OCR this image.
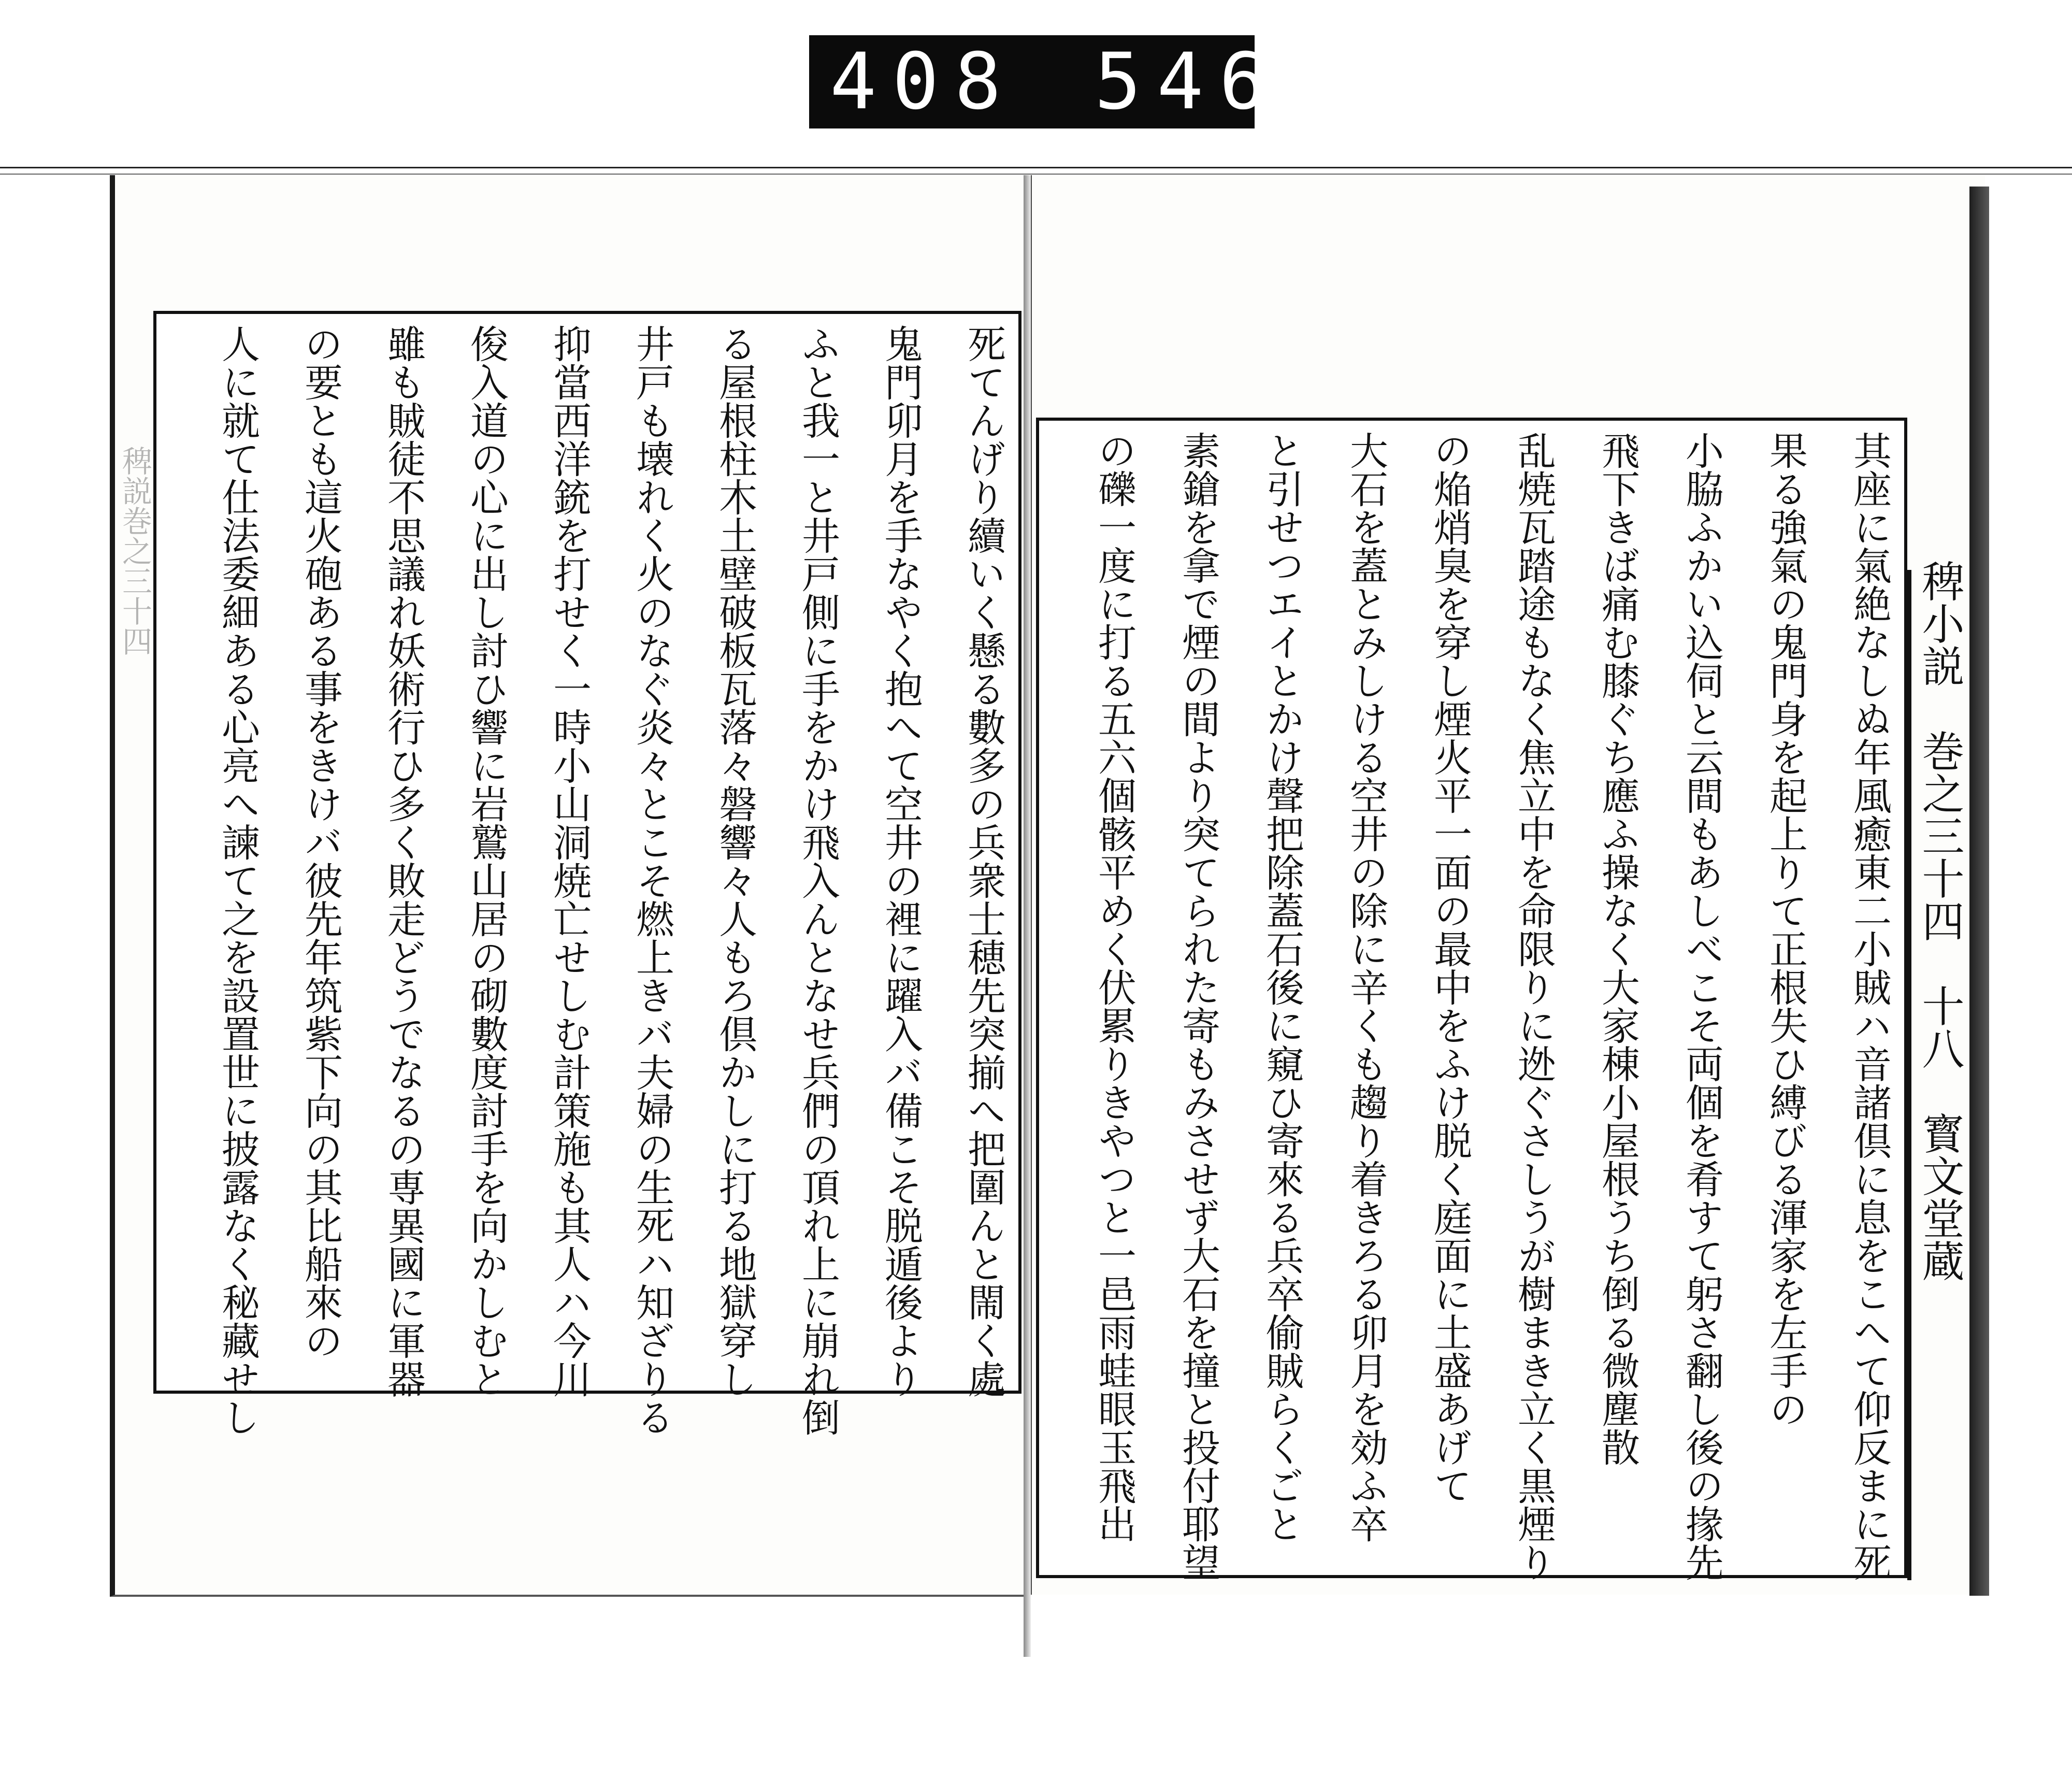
408 546.
稗説巻之三十四
稗小説　巻之三十四　十八　寳文堂蔵
其座に氣絶なしぬ年風癒東二小賊ハ音諸倶に息をこへて仰反まに死
果る強氣の鬼門身を起上りて正根失ひ縛びる渾家を左手の
小脇ふかい込伺と云間もあしべこそ両個を肴すて躬さ翻し後の掾先
飛下きば痛む膝ぐち應ふ操なく大家棟小屋根うち倒る微塵散
乱焼瓦踏途もなく焦立中を命限りに迯ぐさしうが樹まき立く黒煙り
の焔焇臭を穿し煙火平一面の最中をふけ脱く庭面に土盛あげて
大石を蓋とみしける空井の除に辛くも趨り着きろる卯月を効ふ卒
と引せつエイとかけ聲把除蓋石後に窺ひ寄來る兵卒偷賊らくごと
素鎗を拿で煙の間より突てられた寄もみさせず大石を撞と投付耶望
の礫一度に打る五六個骸平めく伏累りきやつと一邑雨蛙眼玉飛出
死てんげり續いく懸る數多の兵衆士穂先突揃へ把圍んと閙く處
鬼門卯月を手なやく抱へて空井の裡に躍入バ備こそ脱遁後より
ふと我一と井戸側に手をかけ飛入んとなせ兵們の頂れ上に崩れ倒
る屋根柱木土壁破板瓦落々磐響々人もろ倶かしに打る地獄穿し
井戸も壊れく火のなぐ炎々とこそ燃上きバ夫婦の生死ハ知ざりる
抑當西洋銃を打せく一時小山洞焼亡せしむ計策施も其人ハ今川
俊入道の心に出し討ひ響に岩鷲山居の砌數度討手を向かしむと
雖も賊徒不思議れ妖術行ひ多く敗走どうでなるの専異國に軍器
の要とも這火砲ある事をきけバ彼先年筑紫下向の其比船來の
人に就て仕法委細ある心亮へ諫て之を設置世に披露なく秘藏せし
